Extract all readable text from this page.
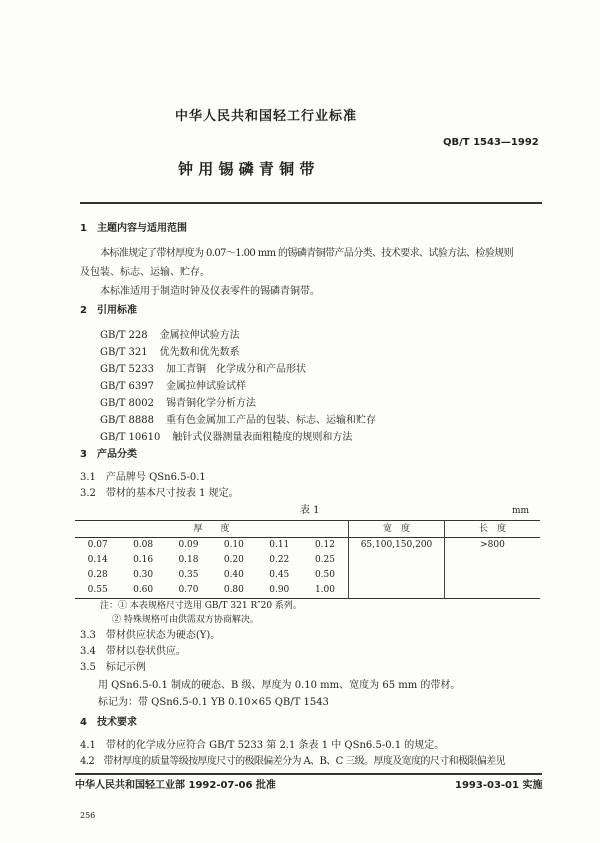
中华人民共和国轻工行业标准
QB/T 1543—1992
钟 用 锡 磷 青 铜 带
1　主题内容与适用范围
本标准规定了带材厚度为 0.07～1.00 mm 的锡磷青铜带产品分类、技术要求、试验方法、检验规则
及包装、标志、运输、贮存。
本标准适用于制造时钟及仪表零件的锡磷青铜带。
2　引用标准
GB/T 228 金属拉伸试验方法
GB/T 321 优先数和优先数系
GB/T 5233 加工青铜　化学成分和产品形状
GB/T 6397 金属拉伸试验试样
GB/T 8002 锡青铜化学分析方法
GB/T 8888 重有色金属加工产品的包装、标志、运输和贮存
GB/T 10610 触针式仪器测量表面粗糙度的规则和方法
3　产品分类
3.1　产品牌号 QSn6.5-0.1
3.2　带材的基本尺寸按表 1 规定。
表 1	mm
厚　　度						宽　度	长　度
0.07	0.08	0.09	0.10	0.11	0.12	65,100,150,200	>800
0.14	0.16	0.18	0.20	0.22	0.25		
0.28	0.30	0.35	0.40	0.45	0.50		
0.55	0.60	0.70	0.80	0.90	1.00		
注：① 本表规格尺寸选用 GB/T 321 R″20 系列。
② 特殊规格可由供需双方协商解决。
3.3　带材供应状态为硬态(Y)。
3.4　带材以卷状供应。
3.5　标记示例
用 QSn6.5-0.1 制成的硬态、B 级、厚度为 0.10 mm、宽度为 65 mm 的带材。
标记为：带 QSn6.5-0.1 YB 0.10×65 QB/T 1543
4　技术要求
4.1　带材的化学成分应符合 GB/T 5233 第 2.1 条表 1 中 QSn6.5-0.1 的规定。
4.2　带材厚度的质量等级按厚度尺寸的极限偏差分为 A、B、C 三级。厚度及宽度的尺寸和极限偏差见
中华人民共和国轻工业部 1992-07-06 批准	1993-03-01 实施
256
